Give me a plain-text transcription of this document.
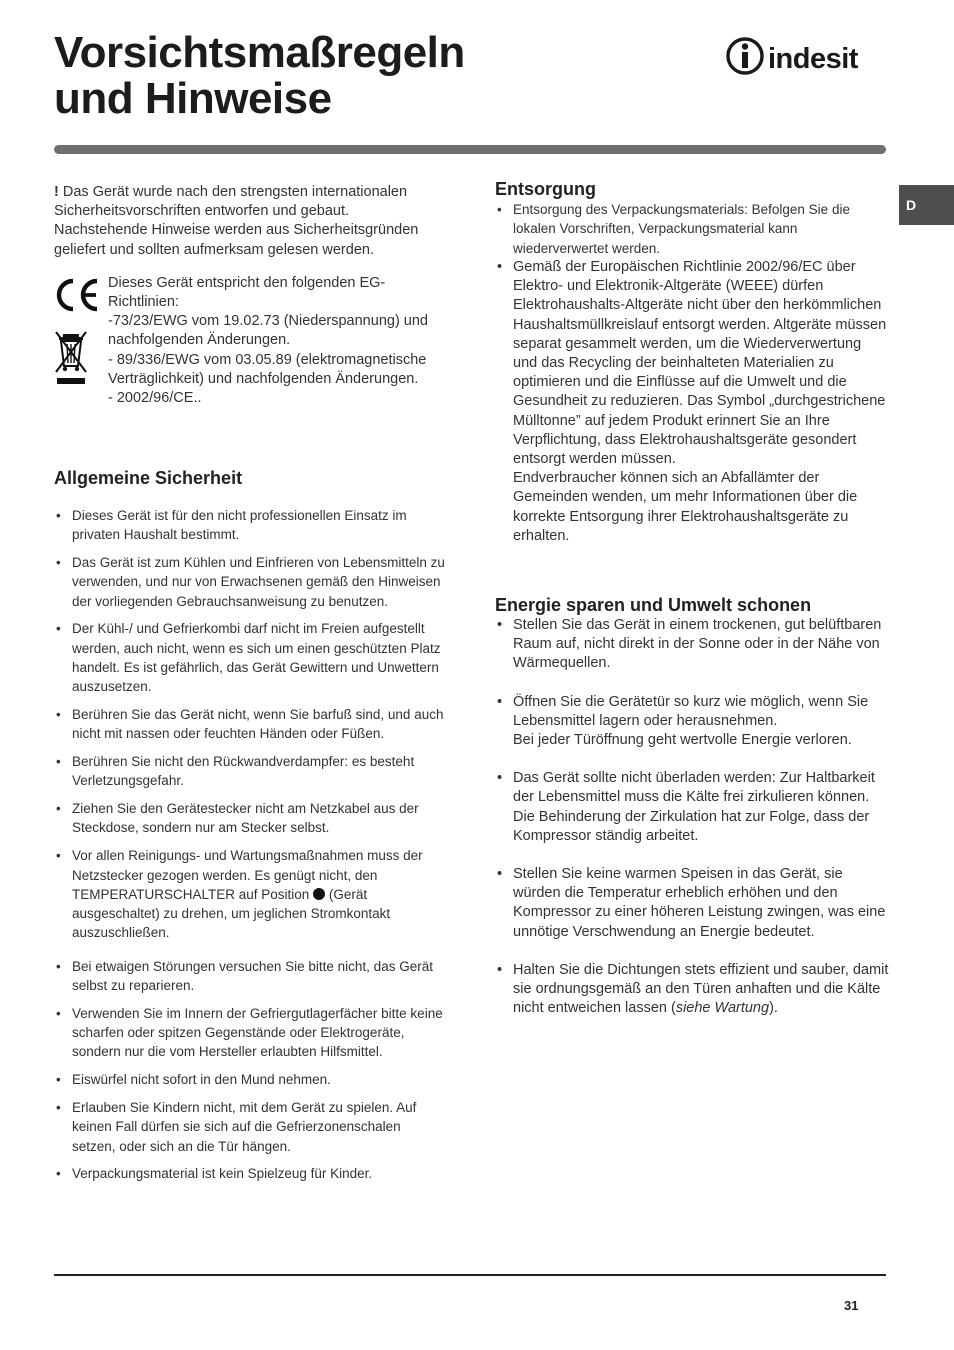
Vorsichtsmaßregeln
und Hinweise
indesit
D

! Das Gerät wurde nach den strengsten internationalen Sicherheitsvorschriften entworfen und gebaut. Nachstehende Hinweise werden aus Sicherheitsgründen geliefert und sollten aufmerksam gelesen werden.

Dieses Gerät entspricht den folgenden EG-Richtlinien:
-73/23/EWG vom 19.02.73 (Niederspannung) und nachfolgenden Änderungen.
- 89/336/EWG vom 03.05.89 (elektromagnetische Verträglichkeit) und nachfolgenden Änderungen.
- 2002/96/CE..

Allgemeine Sicherheit
• Dieses Gerät ist für den nicht professionellen Einsatz im privaten Haushalt bestimmt.
• Das Gerät ist zum Kühlen und Einfrieren von Lebensmitteln zu verwenden, und nur von Erwachsenen gemäß den Hinweisen der vorliegenden Gebrauchsanweisung zu benutzen.
• Der Kühl-/ und Gefrierkombi darf nicht im Freien aufgestellt werden, auch nicht, wenn es sich um einen geschützten Platz handelt. Es ist gefährlich, das Gerät Gewittern und Unwettern auszusetzen.
• Berühren Sie das Gerät nicht, wenn Sie barfuß sind, und auch nicht mit nassen oder feuchten Händen oder Füßen.
• Berühren Sie nicht den Rückwandverdampfer: es besteht Verletzungsgefahr.
• Ziehen Sie den Gerätestecker nicht am Netzkabel aus der Steckdose, sondern nur am Stecker selbst.
• Vor allen Reinigungs- und Wartungsmaßnahmen muss der Netzstecker gezogen werden. Es genügt nicht, den TEMPERATURSCHALTER auf Position (Gerät ausgeschaltet) zu drehen, um jeglichen Stromkontakt auszuschließen.
• Bei etwaigen Störungen versuchen Sie bitte nicht, das Gerät selbst zu reparieren.
• Verwenden Sie im Innern der Gefriergutlagerfächer bitte keine scharfen oder spitzen Gegenstände oder Elektrogeräte, sondern nur die vom Hersteller erlaubten Hilfsmittel.
• Eiswürfel nicht sofort in den Mund nehmen.
• Erlauben Sie Kindern nicht, mit dem Gerät zu spielen. Auf keinen Fall dürfen sie sich auf die Gefrierzonenschalen setzen, oder sich an die Tür hängen.
• Verpackungsmaterial ist kein Spielzeug für Kinder.
Entsorgung
• Entsorgung des Verpackungsmaterials: Befolgen Sie die lokalen Vorschriften, Verpackungsmaterial kann wiederverwertet werden.
• Gemäß der Europäischen Richtlinie 2002/96/EC über Elektro- und Elektronik-Altgeräte (WEEE) dürfen Elektrohaushalts-Altgeräte nicht über den herkömmlichen Haushaltsmüllkreislauf entsorgt werden. Altgeräte müssen separat gesammelt werden, um die Wiederverwertung und das Recycling der beinhalteten Materialien zu optimieren und die Einflüsse auf die Umwelt und die Gesundheit zu reduzieren. Das Symbol „durchgestrichene Mülltonne” auf jedem Produkt erinnert Sie an Ihre Verpflichtung, dass Elektrohaushaltsgeräte gesondert entsorgt werden müssen.
Endverbraucher können sich an Abfallämter der Gemeinden wenden, um mehr Informationen über die korrekte Entsorgung ihrer Elektrohaushaltsgeräte zu erhalten.
Energie sparen und Umwelt schonen
• Stellen Sie das Gerät in einem trockenen, gut belüftbaren Raum auf, nicht direkt in der Sonne oder in der Nähe von Wärmequellen.
• Öffnen Sie die Gerätetür so kurz wie möglich, wenn Sie Lebensmittel lagern oder herausnehmen.
Bei jeder Türöffnung geht wertvolle Energie verloren.
• Das Gerät sollte nicht überladen werden: Zur Haltbarkeit der Lebensmittel muss die Kälte frei zirkulieren können. Die Behinderung der Zirkulation hat zur Folge, dass der Kompressor ständig arbeitet.
• Stellen Sie keine warmen Speisen in das Gerät, sie würden die Temperatur erheblich erhöhen und den Kompressor zu einer höheren Leistung zwingen, was eine unnötige Verschwendung an Energie bedeutet.
• Halten Sie die Dichtungen stets effizient und sauber, damit sie ordnungsgemäß an den Türen anhaften und die Kälte nicht entweichen lassen (siehe Wartung).
31
